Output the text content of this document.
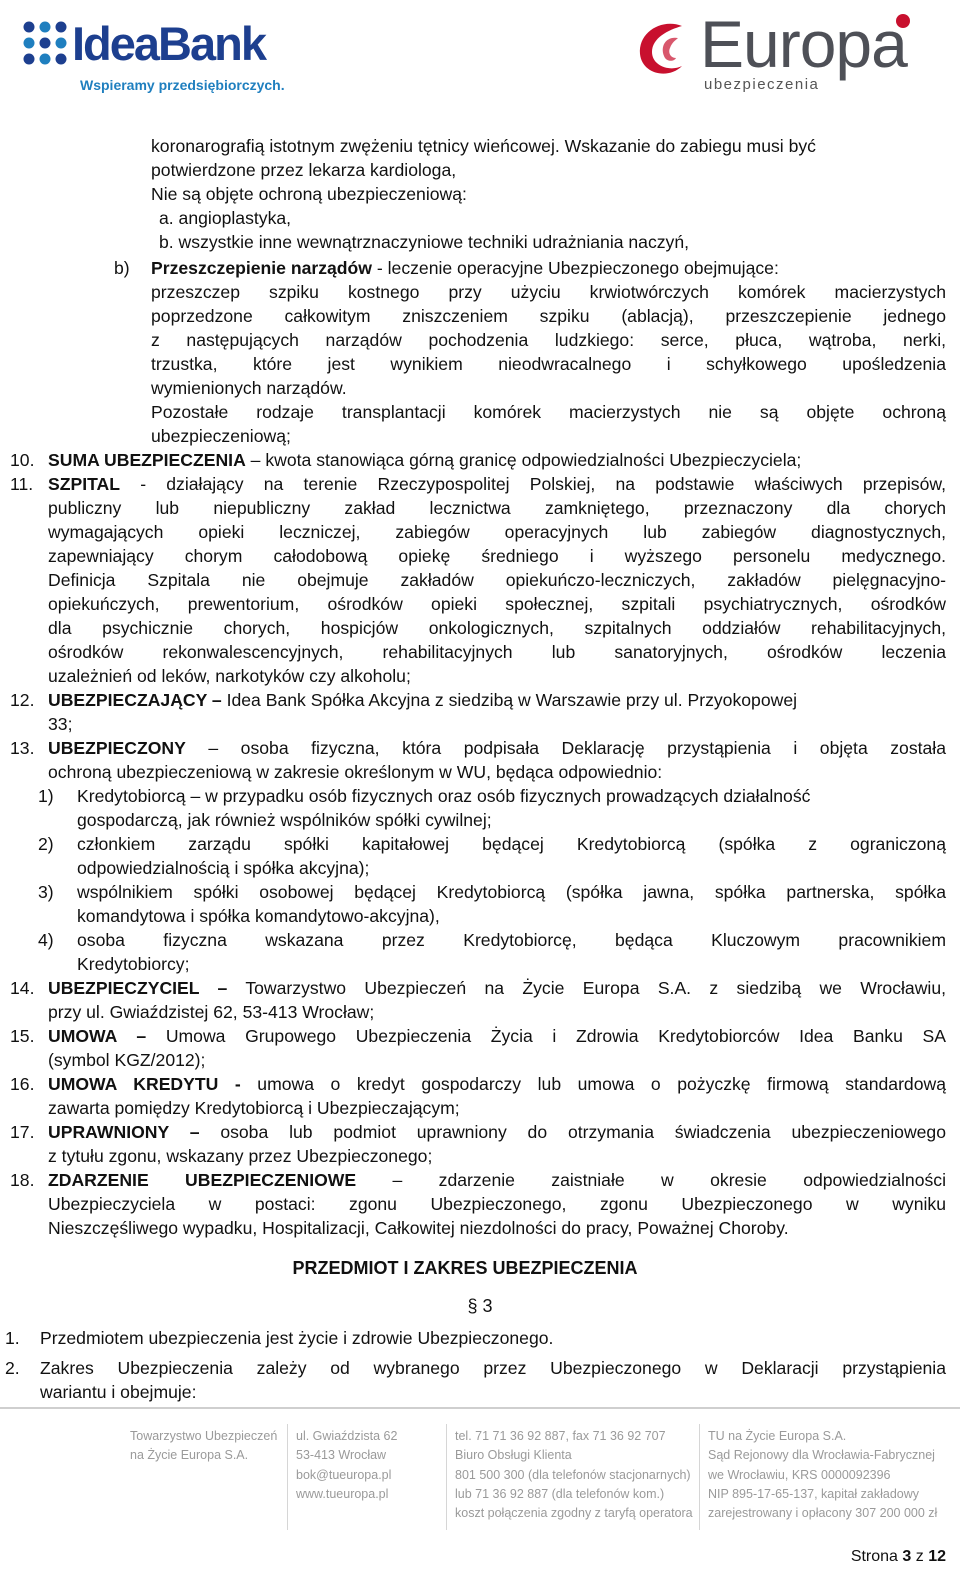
IdeaBank
Wspieramy przedsiębiorczych.
Europa
ubezpieczenia
koronarografią istotnym zwężeniu tętnicy wieńcowej. Wskazanie do zabiegu musi być
potwierdzone przez lekarza kardiologa,
Nie są objęte ochroną ubezpieczeniową:
a. angioplastyka,
b. wszystkie inne wewnątrznaczyniowe techniki udrażniania naczyń,
b) Przeszczepienie narządów - leczenie operacyjne Ubezpieczonego obejmujące:
przeszczep szpiku kostnego przy użyciu krwiotwórczych komórek macierzystych
poprzedzone całkowitym zniszczeniem szpiku (ablacją), przeszczepienie jednego
z następujących narządów pochodzenia ludzkiego: serce, płuca, wątroba, nerki,
trzustka, które jest wynikiem nieodwracalnego i schyłkowego upośledzenia
wymienionych narządów.
Pozostałe rodzaje transplantacji komórek macierzystych nie są objęte ochroną
ubezpieczeniową;
10. SUMA UBEZPIECZENIA – kwota stanowiąca górną granicę odpowiedzialności Ubezpieczyciela;
11. SZPITAL - działający na terenie Rzeczypospolitej Polskiej, na podstawie właściwych przepisów,
publiczny lub niepubliczny zakład lecznictwa zamkniętego, przeznaczony dla chorych
wymagających opieki leczniczej, zabiegów operacyjnych lub zabiegów diagnostycznych,
zapewniający chorym całodobową opiekę średniego i wyższego personelu medycznego.
Definicja Szpitala nie obejmuje zakładów opiekuńczo-leczniczych, zakładów pielęgnacyjno-
opiekuńczych, prewentorium, ośrodków opieki społecznej, szpitali psychiatrycznych, ośrodków
dla psychicznie chorych, hospicjów onkologicznych, szpitalnych oddziałów rehabilitacyjnych,
ośrodków rekonwalescencyjnych, rehabilitacyjnych lub sanatoryjnych, ośrodków leczenia
uzależnień od leków, narkotyków czy alkoholu;
12. UBEZPIECZAJĄCY – Idea Bank Spółka Akcyjna z siedzibą w Warszawie przy ul. Przyokopowej
33;
13. UBEZPIECZONY – osoba fizyczna, która podpisała Deklarację przystąpienia i objęta została
ochroną ubezpieczeniową w zakresie określonym w WU, będąca odpowiednio:
1) Kredytobiorcą – w przypadku osób fizycznych oraz osób fizycznych prowadzących działalność
gospodarczą, jak również wspólników spółki cywilnej;
2) członkiem zarządu spółki kapitałowej będącej Kredytobiorcą (spółka z ograniczoną
odpowiedzialnością i spółka akcyjna);
3) wspólnikiem spółki osobowej będącej Kredytobiorcą (spółka jawna, spółka partnerska, spółka
komandytowa i spółka komandytowo-akcyjna),
4) osoba fizyczna wskazana przez Kredytobiorcę, będąca Kluczowym pracownikiem
Kredytobiorcy;
14. UBEZPIECZYCIEL – Towarzystwo Ubezpieczeń na Życie Europa S.A. z siedzibą we Wrocławiu,
przy ul. Gwiaździstej 62, 53-413 Wrocław;
15. UMOWA – Umowa Grupowego Ubezpieczenia Życia i Zdrowia Kredytobiorców Idea Banku SA
(symbol KGZ/2012);
16. UMOWA KREDYTU - umowa o kredyt gospodarczy lub umowa o pożyczkę firmową standardową
zawarta pomiędzy Kredytobiorcą i Ubezpieczającym;
17. UPRAWNIONY – osoba lub podmiot uprawniony do otrzymania świadczenia ubezpieczeniowego
z tytułu zgonu, wskazany przez Ubezpieczonego;
18. ZDARZENIE UBEZPIECZENIOWE – zdarzenie zaistniałe w okresie odpowiedzialności
Ubezpieczyciela w postaci: zgonu Ubezpieczonego, zgonu Ubezpieczonego w wyniku
Nieszczęśliwego wypadku, Hospitalizacji, Całkowitej niezdolności do pracy, Poważnej Choroby.
PRZEDMIOT I ZAKRES UBEZPIECZENIA
§ 3
1. Przedmiotem ubezpieczenia jest życie i zdrowie Ubezpieczonego.
2. Zakres Ubezpieczenia zależy od wybranego przez Ubezpieczonego w Deklaracji przystąpienia
wariantu i obejmuje:
Towarzystwo Ubezpieczeń
na Życie Europa S.A.
ul. Gwiaździsta 62
53-413 Wrocław
bok@tueuropa.pl
www.tueuropa.pl
tel. 71 71 36 92 887, fax 71 36 92 707
Biuro Obsługi Klienta
801 500 300 (dla telefonów stacjonarnych)
lub 71 36 92 887 (dla telefonów kom.)
koszt połączenia zgodny z taryfą operatora
TU na Życie Europa S.A.
Sąd Rejonowy dla Wrocławia-Fabrycznej
we Wrocławiu, KRS 0000092396
NIP 895-17-65-137, kapitał zakładowy
zarejestrowany i opłacony 307 200 000 zł
Strona 3 z 12
